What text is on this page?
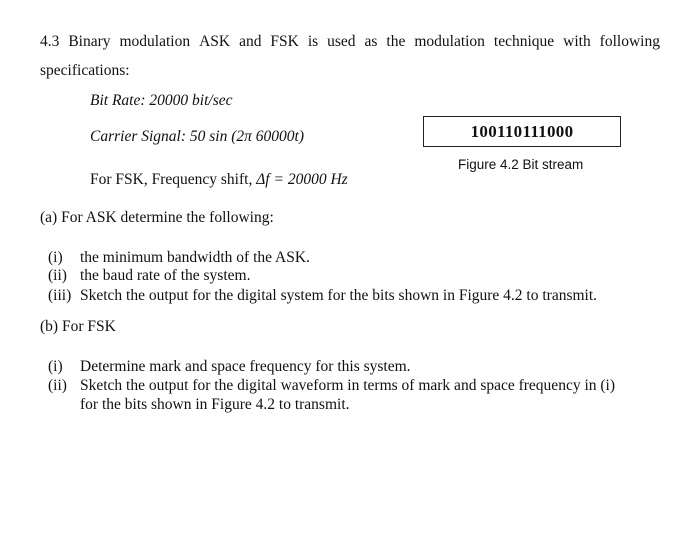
4.3 Binary modulation ASK and FSK is used as the modulation technique with following
specifications:
Bit Rate: 20000 bit/sec
Carrier Signal: 50 sin (2π 60000t)
For FSK, Frequency shift, Δf = 20000 Hz
100110111000
Figure 4.2 Bit stream
(a) For ASK determine the following:
(i) the minimum bandwidth of the ASK.
(ii) the baud rate of the system.
(iii) Sketch the output for the digital system for the bits shown in Figure 4.2 to transmit.
(b) For FSK
(i) Determine mark and space frequency for this system.
(ii) Sketch the output for the digital waveform in terms of mark and space frequency in (i)
for the bits shown in Figure 4.2 to transmit.
